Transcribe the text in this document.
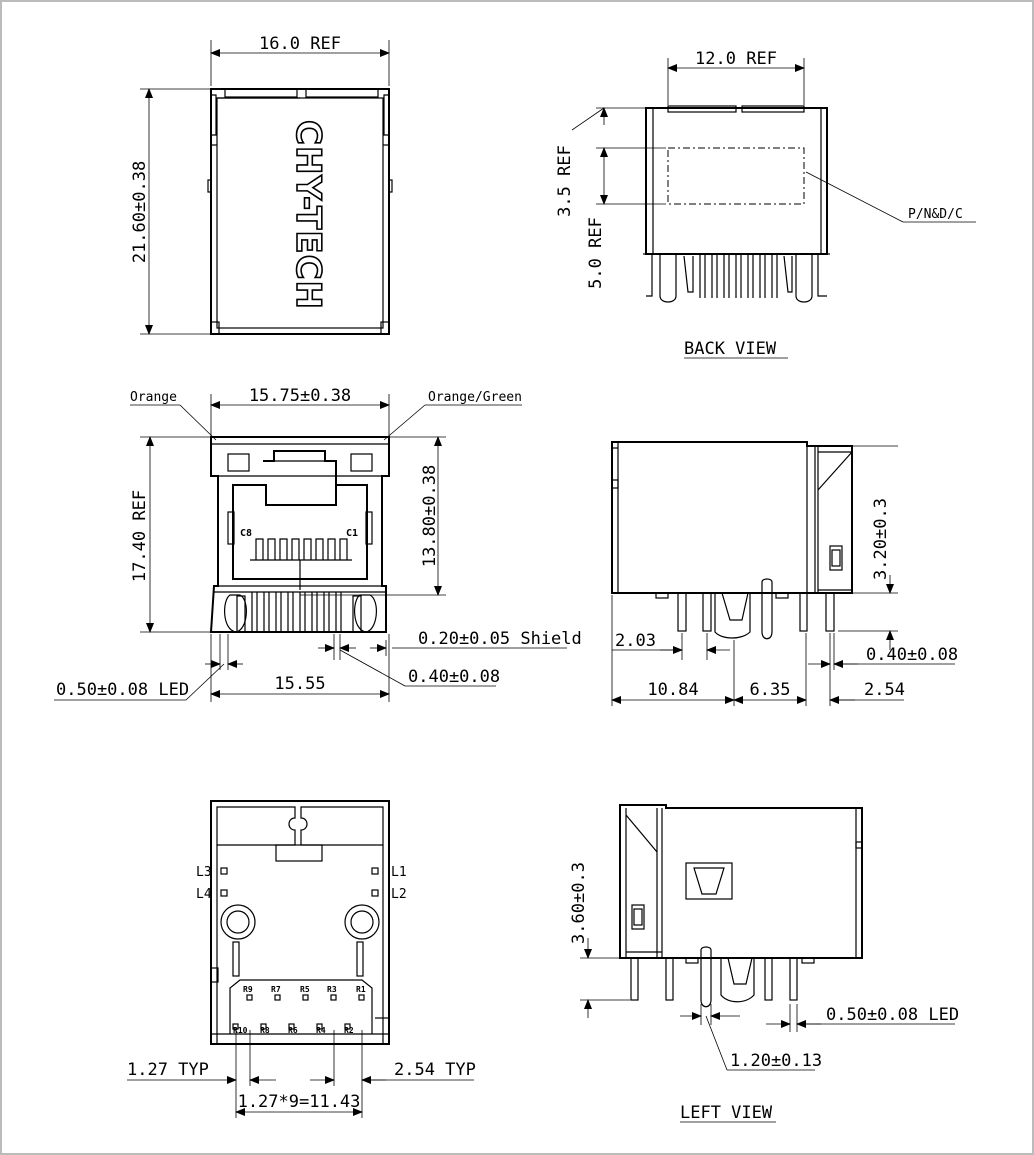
CHY-TECH
16.0 REF
21.60±0.38
12.0 REF
3.5 REF
5.0 REF
P/N&D/C
BACK VIEW
C8	C1
15.75±0.38
Orange	Orange/Green
17.40 REF	13.80±0.38
15.55
0.50±0.08 LED
0.40±0.08
0.20±0.05 Shield
3.20±0.3
2.03
10.84	6.35	2.54
0.40±0.08
L3
L4
L1
L2
R9 R7 R5 R3 R1
R10 R8 R6 R4 R2
1.27 TYP	2.54 TYP
1.27*9=11.43
3.60±0.3
1.20±0.13
0.50±0.08 LED
LEFT VIEW
